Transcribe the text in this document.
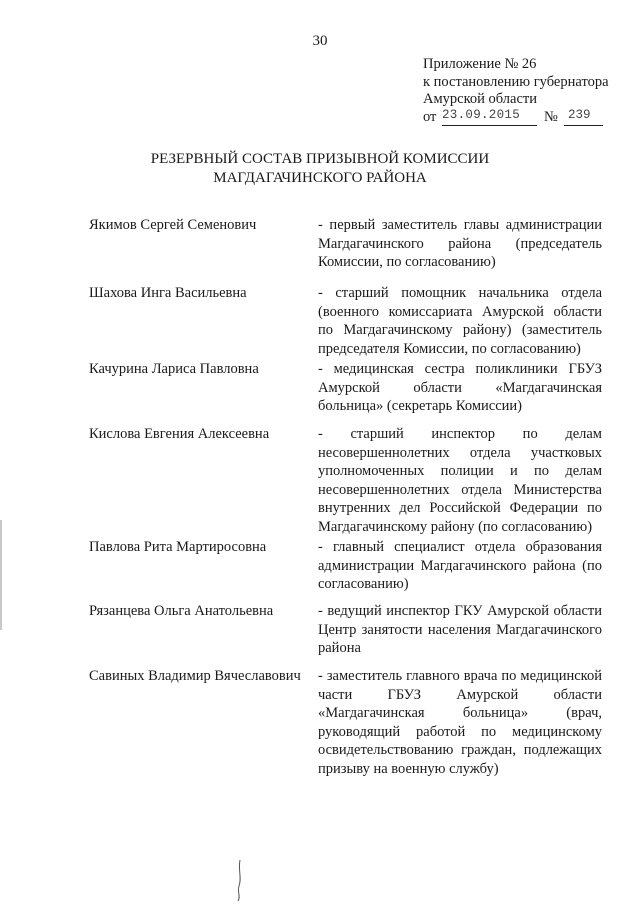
30
Приложение № 26
к постановлению губернатора
Амурской области
от 23.09.2015	№ 239
РЕЗЕРВНЫЙ СОСТАВ ПРИЗЫВНОЙ КОМИССИИ
МАГДАГАЧИНСКОГО РАЙОНА
Якимов Сергей Семенович	- первый заместитель главы администрации Магдагачинского района (председатель Комиссии, по согласованию)
Шахова Инга Васильевна	- старший помощник начальника отдела (военного комиссариата Амурской области по Магдагачинскому району) (заместитель председателя Комиссии, по согласованию)
Качурина Лариса Павловна	- медицинская сестра поликлиники ГБУЗ Амурской области «Магдагачинская больница» (секретарь Комиссии)
Кислова Евгения Алексеевна	- старший инспектор по делам несовершеннолетних отдела участковых уполномоченных полиции и по делам несовершеннолетних отдела Министерства внутренних дел Российской Федерации по Магдагачинскому району (по согласованию)
Павлова Рита Мартиросовна	- главный специалист отдела образования администрации Магдагачинского района (по согласованию)
Рязанцева Ольга Анатольевна	- ведущий инспектор ГКУ Амурской области Центр занятости населения Магдагачинского района
Савиных Владимир Вячеславович	- заместитель главного врача по медицинской части ГБУЗ Амурской области «Магдагачинская больница» (врач, руководящий работой по медицинскому освидетельствованию граждан, подлежащих призыву на военную службу)
